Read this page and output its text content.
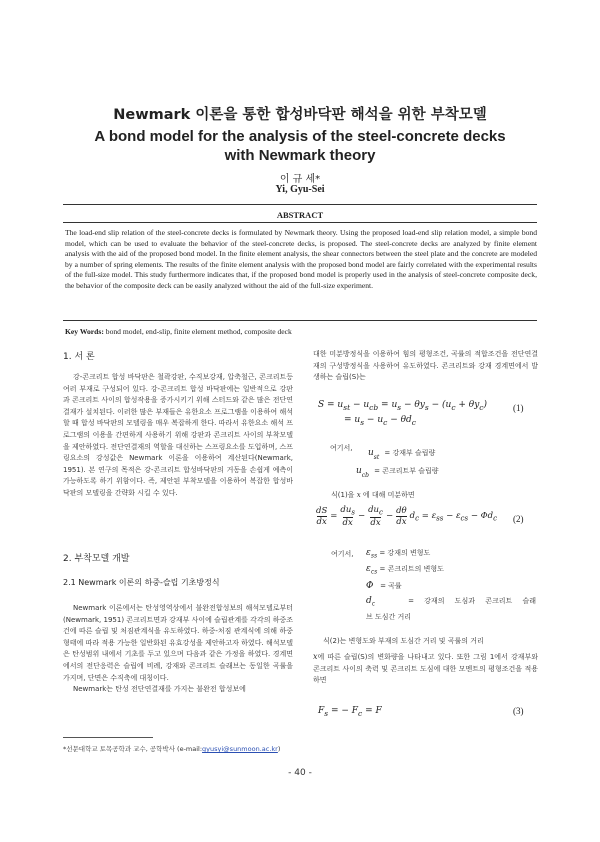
Newmark 이론을 통한 합성바닥판 해석을 위한 부착모델
A bond model for the analysis of the steel-concrete decks with Newmark theory
이 규 세*
Yi, Gyu-Sei
ABSTRACT
The load-end slip relation of the steel-concrete decks is formulated by Newmark theory. Using the proposed load-end slip relation model, a simple bond model, which can be used to evaluate the behavior of the steel-concrete decks, is proposed. The steel-concrete decks are analyzed by finite element analysis with the aid of the proposed bond model. In the finite element analysis, the shear connectors between the steel plate and the concrete are modeled by a number of spring elements. The results of the finite element analysis with the proposed bond model are fairly correlated with the experimental results of the full-size model. This study furthermore indicates that, if the proposed bond model is properly used in the analysis of steel-concrete composite deck, the behavior of the composite deck can be easily analyzed without the aid of the full-size experiment.
Key Words: bond model, end-slip, finite element method, composite deck
1. 서 론

강-콘크리트 합성 바닥판은 철곽강판, 수직보강재, 압축철근, 콘크리트등 여러 부재로 구성되어 있다. 강-콘크리트 합성 바닥판에는 일반적으로 강판과 콘크리트 사이의 합성작용을 증가시키기 위해 스터드와 같은 많은 전단연결재가 설치된다. 이러한 많은 부재들은 유한요소 프로그램을 이용하여 해석 할 때 합성 바닥판의 모델링을 매우 복잡하게 한다. 따라서 유한요소 해석 프로그램의 이용을 간편하게 사용하기 위해 강판과 콘크리트 사이의 부착모델을 제안하였다. 전단연결재의 역할을 대신하는 스프링요소를 도입하며, 스프링요소의 강성값은 Newmark 이론을 이용하여 계산된다(Newmark, 1951). 본 연구의 목적은 강-콘크리트 합성바닥판의 거동을 손쉽게 예측이 가능하도록 하기 위함이다. 즉, 제안된 부착모델을 이용하여 복잡한 합성바닥판의 모델링을 간략화 시킬 수 있다.

2. 부착모델 개발
2.1 Newmark 이론의 하중-슬립 기초방정식

Newmark 이론에서는 탄성영역상에서 불완전합성보의 해석모델로부터(Newmark, 1951) 콘크리트면과 강재부 사이에 슬립관계를 각각의 하중조건에 따른 슬립 및 처짐관계식을 유도하였다. 하중-처짐 관계식에 의해 하중 형태에 따라 적용 가능한 일반화된 유효강성을 제안하고자 하였다. 해석모델은 탄성범위 내에서 기초를 두고 있으며 다음과 같은 가정을 하였다. 경계면에서의 전단응력은 슬립에 비례, 강재와 콘크리트 슬래브는 동일한 곡률을 가지며, 단면은 수직축에 대칭이다.

Newmark는 탄성 전단연결재를 가지는 불완전 합성보에

대한 미분방정식을 이용하여 힘의 평형조건, 곡률의 적합조건을 전단연결재의 구성방정식을 사용하여 유도하였다. 콘크리트와 강재 경계면에서 발생하는 슬립(S)는

$S = u_{st} - u_{cb} = u_s - \theta y_s - (u_c + \theta y_c)$
= $u_s - u_c - \theta d_c$
(1)
여기서, $u_{st}$ = 강재부 슬립량
$u_{cb}$ = 콘크리트부 슬립량
식(1)을 x 에 대해 미분하면
$\frac{dS}{dx}$ =
$du_s$
dx
−
$du_c$
dx
− $\frac{d\theta}{dx} d_c = \varepsilon_{ss} - \varepsilon_{cs} - \Phi d_c$ (2)
여기서, $\varepsilon_{ss}$ = 강재의 변형도
$\varepsilon_{cs}$ = 콘크리트의 변형도
Φ = 곡률
$d_c$	= 강재의 도심과 콘크리트 슬래
브 도심간 거리

식(2)는 변형도와 부재의 도심간 거리 및 곡률의 거리

x에 따른 슬립(S)의 변화량을 나타내고 있다. 또한 그림 1에서 강재부와 콘크리트 사이의 축력 및 콘크리트 도심에 대한 모멘트의 평형조건을 적용하면

$F_s$ = − $F_c = F$	(3)
*선문대학교 토목공학과 교수, 공학박사 (e-mail:gyusyi@sunmoon.ac.kr)
- 40 -
